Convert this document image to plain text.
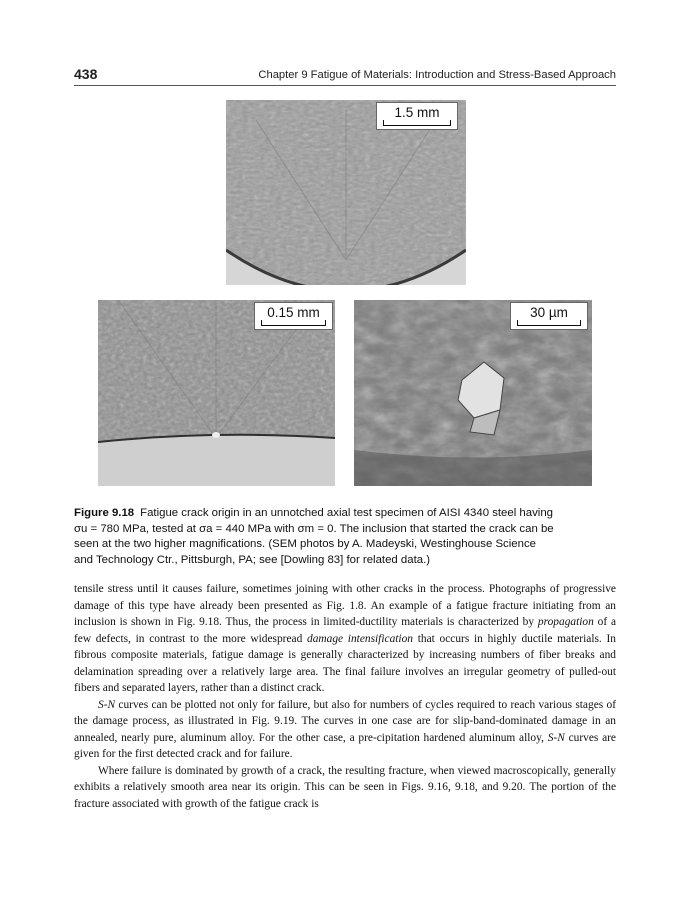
438	Chapter 9 Fatigue of Materials: Introduction and Stress-Based Approach
1.5 mm
0.15 mm	30 µm
Figure 9.18 Fatigue crack origin in an unnotched axial test specimen of AISI 4340 steel having
σu = 780 MPa, tested at σa = 440 MPa with σm = 0. The inclusion that started the crack can be
seen at the two higher magnifications. (SEM photos by A. Madeyski, Westinghouse Science
and Technology Ctr., Pittsburgh, PA; see [Dowling 83] for related data.)

tensile stress until it causes failure, sometimes joining with other cracks in the process. Photographs of progressive damage of this type have already been presented as Fig. 1.8. An example of a fatigue fracture initiating from an inclusion is shown in Fig. 9.18. Thus, the process in limited-ductility materials is characterized by propagation of a few defects, in contrast to the more widespread damage intensification that occurs in highly ductile materials. In fibrous composite materials, fatigue damage is generally characterized by increasing numbers of fiber breaks and delamination spreading over a relatively large area. The final failure involves an irregular geometry of pulled-out fibers and separated layers, rather than a distinct crack.

S-N curves can be plotted not only for failure, but also for numbers of cycles required to reach various stages of the damage process, as illustrated in Fig. 9.19. The curves in one case are for slip-band-dominated damage in an annealed, nearly pure, aluminum alloy. For the other case, a pre-cipitation hardened aluminum alloy, S-N curves are given for the first detected crack and for failure.

Where failure is dominated by growth of a crack, the resulting fracture, when viewed macroscopically, generally exhibits a relatively smooth area near its origin. This can be seen in Figs. 9.16, 9.18, and 9.20. The portion of the fracture associated with growth of the fatigue crack is
